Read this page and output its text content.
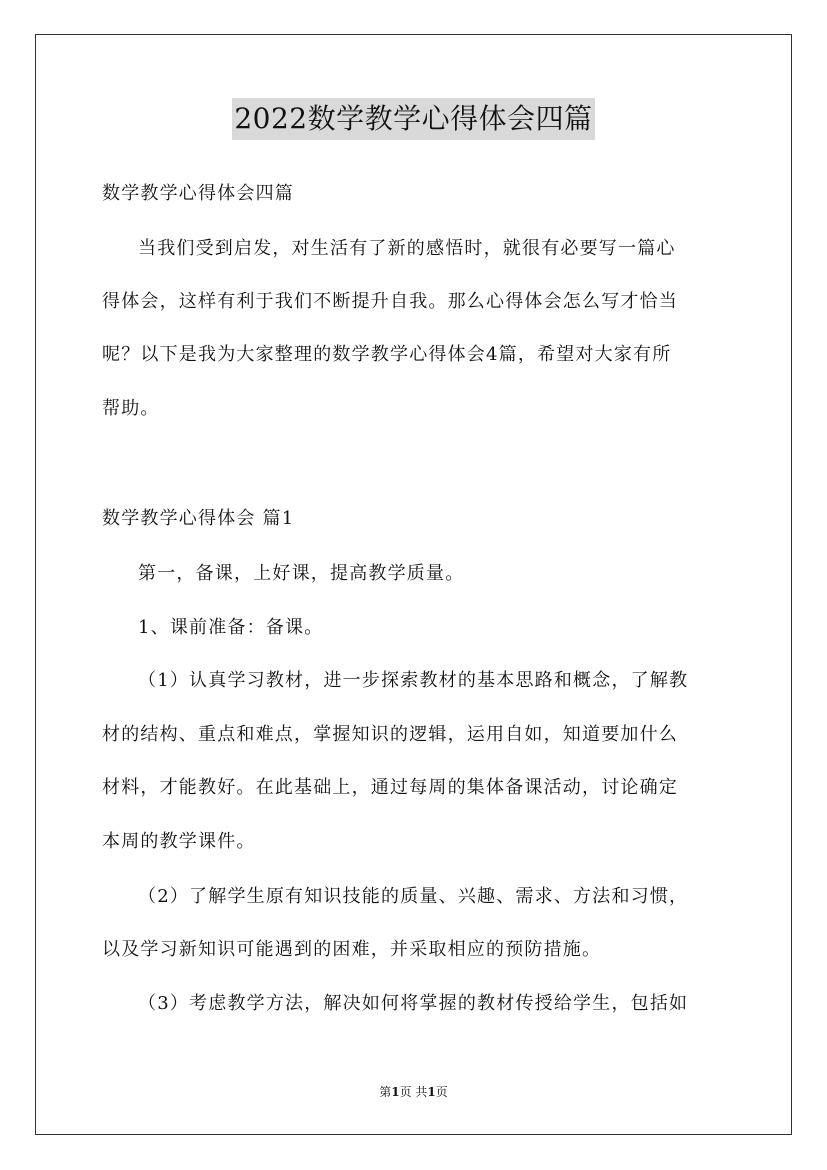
2022数学教学心得体会四篇
数学教学心得体会四篇
当我们受到启发，对生活有了新的感悟时，就很有必要写一篇心
得体会，这样有利于我们不断提升自我。那么心得体会怎么写才恰当
呢？以下是我为大家整理的数学教学心得体会4篇，希望对大家有所
帮助。
数学教学心得体会 篇1
第一，备课，上好课，提高教学质量。
1、课前准备：备课。
（1）认真学习教材，进一步探索教材的基本思路和概念，了解教
材的结构、重点和难点，掌握知识的逻辑，运用自如，知道要加什么
材料，才能教好。在此基础上，通过每周的集体备课活动，讨论确定
本周的教学课件。
（2）了解学生原有知识技能的质量、兴趣、需求、方法和习惯，
以及学习新知识可能遇到的困难，并采取相应的预防措施。
（3）考虑教学方法，解决如何将掌握的教材传授给学生，包括如
第1页 共1页
